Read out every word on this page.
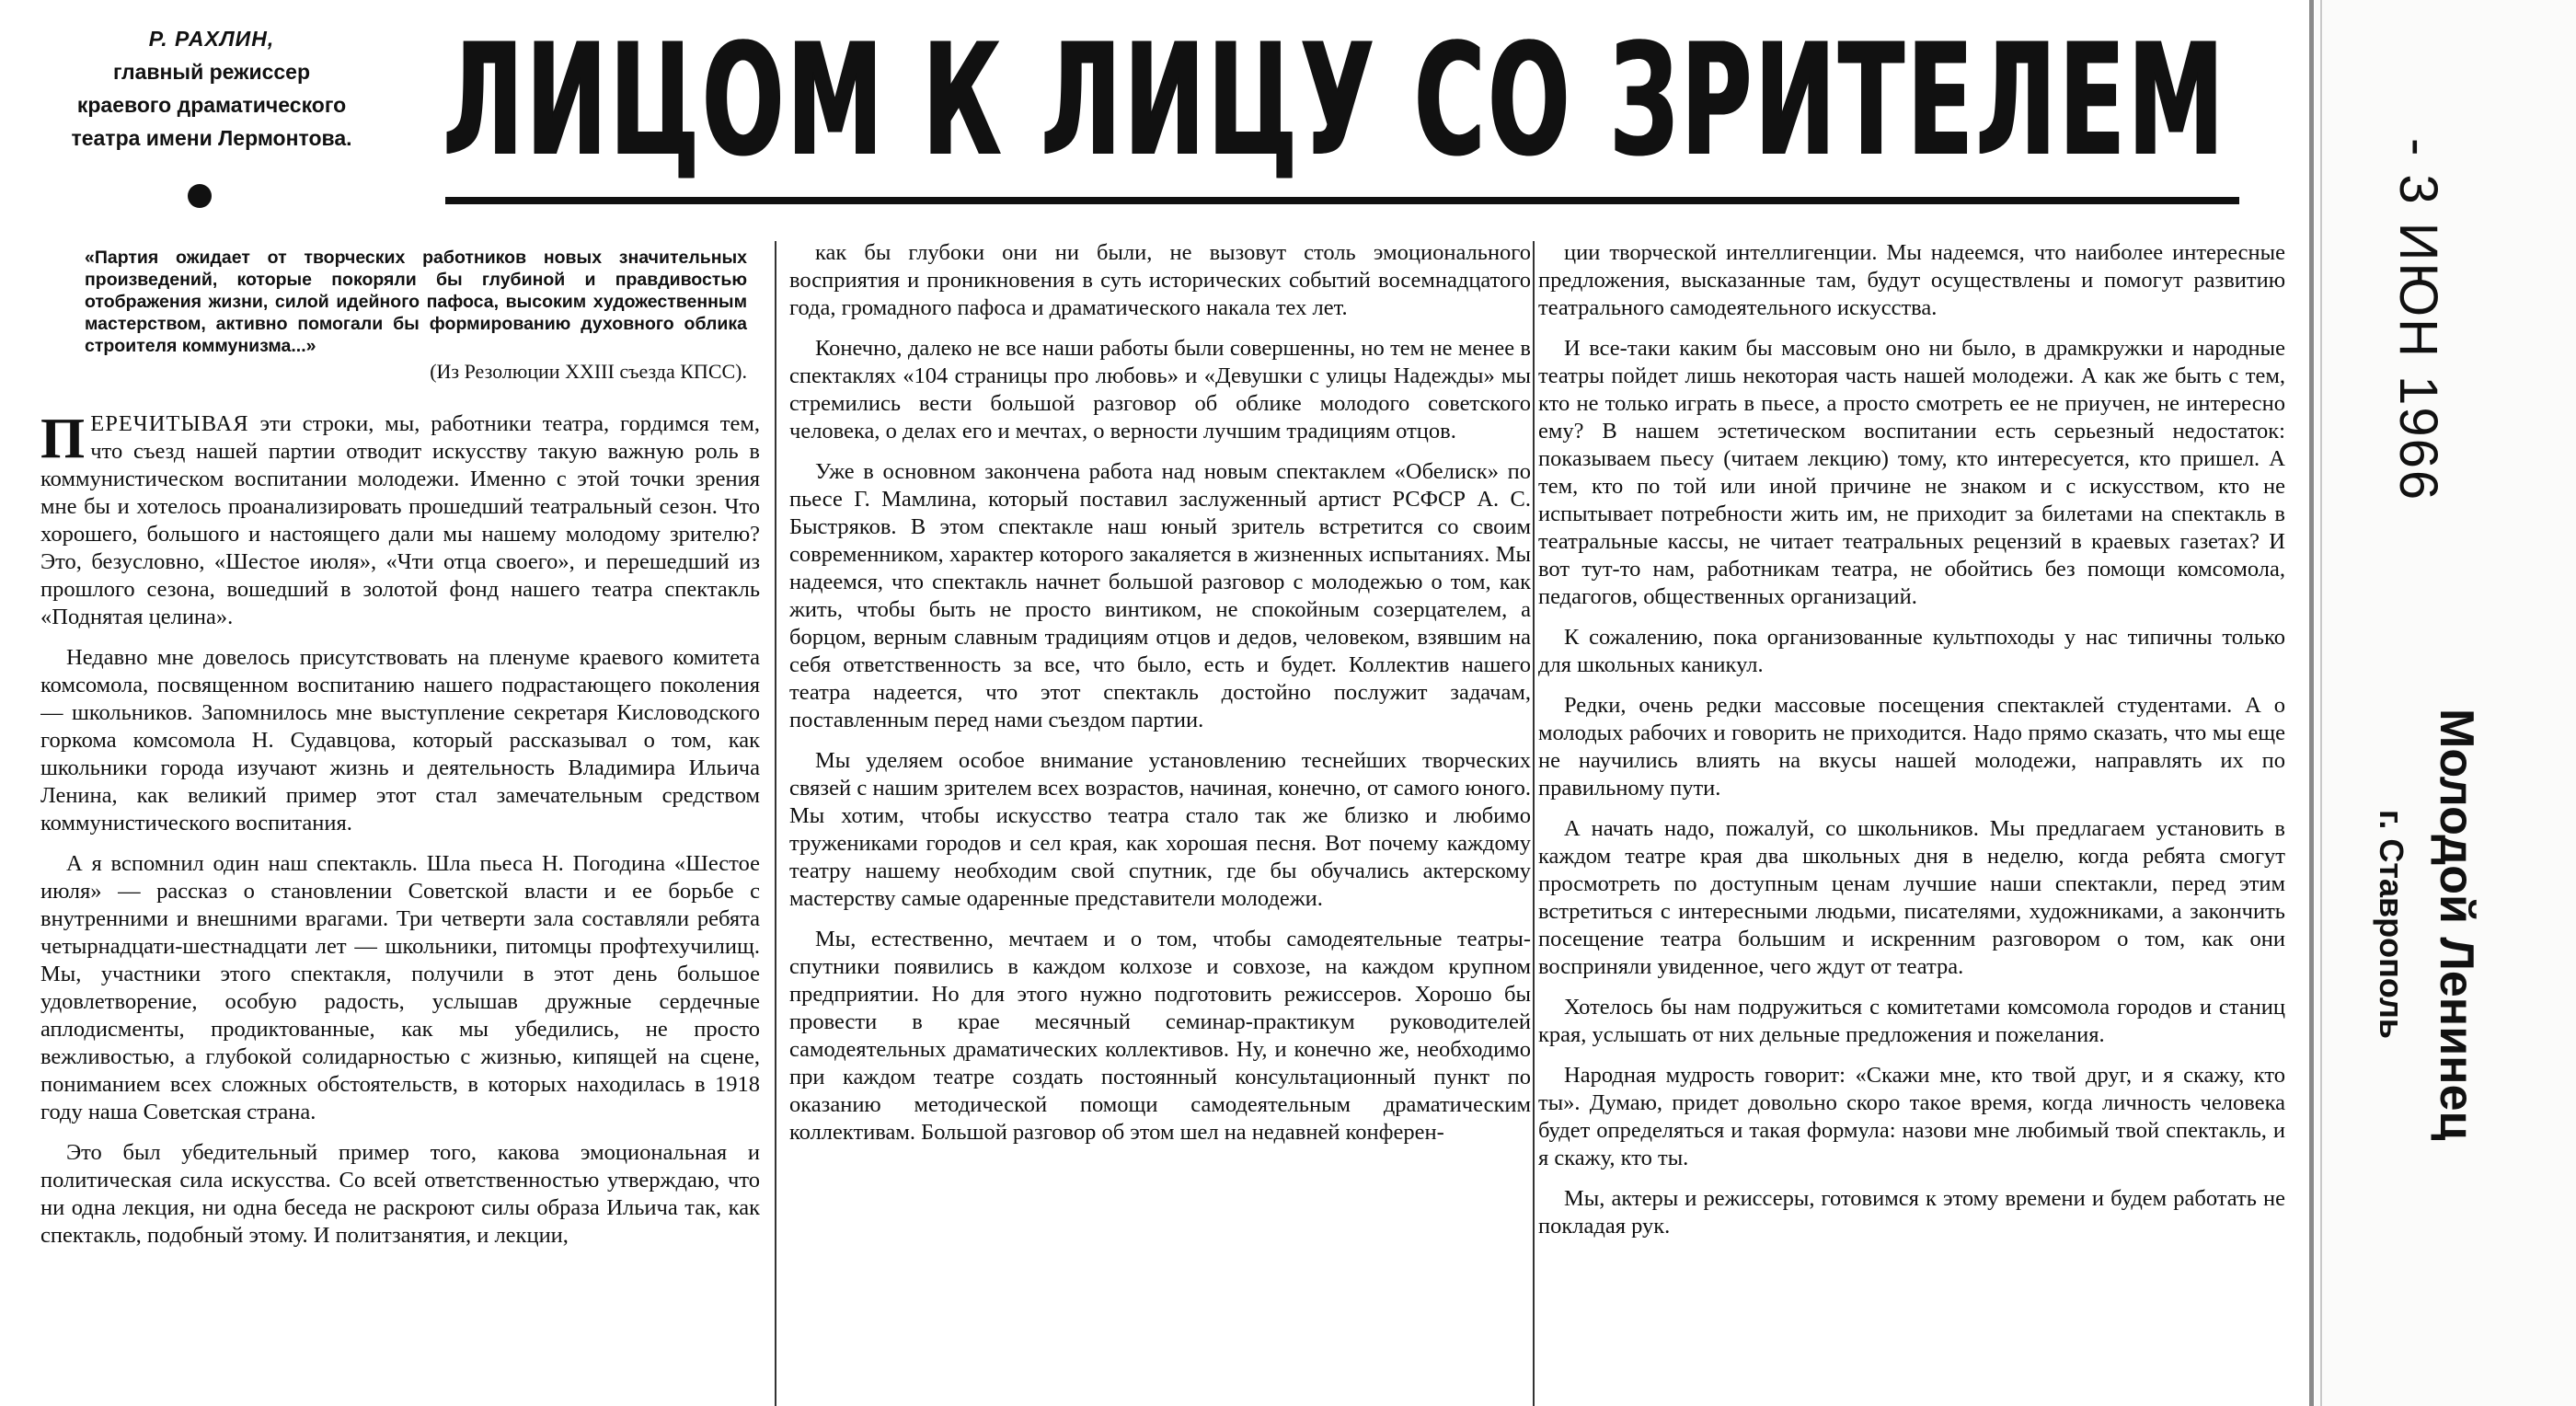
Р. РАХЛИН,
главный режиссер
краевого драматического
театра имени Лермонтова. ЛИЦОМ К ЛИЦУ СО ЗРИТЕЛЕМ
«Партия ожидает от творческих работников новых значительных произведений, которые покоряли бы глубиной и правдивостью отображения жизни, силой идейного пафоса, высоким художественным мастерством, активно помогали бы формированию духовного облика строителя коммунизма...»
(Из Резолюции XXIII съезда КПСС).

ПЕРЕЧИТЫВАЯ эти строки, мы, работники театра, гордимся тем, что съезд нашей партии отводит искусству такую важную роль в коммунистическом воспитании молодежи. Именно с этой точки зрения мне бы и хотелось проанализировать прошедший театральный сезон. Что хорошего, большого и настоящего дали мы нашему молодому зрителю? Это, безусловно, «Шестое июля», «Чти отца своего», и перешедший из прошлого сезона, вошедший в золотой фонд нашего театра спектакль «Поднятая целина».

Недавно мне довелось присутствовать на пленуме краевого комитета комсомола, посвященном воспитанию нашего подрастающего поколения — школьников. Запомнилось мне выступление секретаря Кисловодского горкома комсомола Н. Судавцова, который рассказывал о том, как школьники города изучают жизнь и деятельность Владимира Ильича Ленина, как великий пример этот стал замечательным средством коммунистического воспитания.

А я вспомнил один наш спектакль. Шла пьеса Н. Погодина «Шестое июля» — рассказ о становлении Советской власти и ее борьбе с внутренними и внешними врагами. Три четверти зала составляли ребята четырнадцати-шестнадцати лет — школьники, питомцы профтехучилищ. Мы, участники этого спектакля, получили в этот день большое удовлетворение, особую радость, услышав дружные сердечные аплодисменты, продиктованные, как мы убедились, не просто вежливостью, а глубокой солидарностью с жизнью, кипящей на сцене, пониманием всех сложных обстоятельств, в которых находилась в 1918 году наша Советская страна.

Это был убедительный пример того, какова эмоциональная и политическая сила искусства. Со всей ответственностью утверждаю, что ни одна лекция, ни одна беседа не раскроют силы образа Ильича так, как спектакль, подобный этому. И политзанятия, и лекции,

как бы глубоки они ни были, не вызовут столь эмоционального восприятия и проникновения в суть исторических событий восемнадцатого года, громадного пафоса и драматического накала тех лет.

Конечно, далеко не все наши работы были совершенны, но тем не менее в спектаклях «104 страницы про любовь» и «Девушки с улицы Надежды» мы стремились вести большой разговор об облике молодого советского человека, о делах его и мечтах, о верности лучшим традициям отцов.

Уже в основном закончена работа над новым спектаклем «Обелиск» по пьесе Г. Мамлина, который поставил заслуженный артист РСФСР А. С. Быстряков. В этом спектакле наш юный зритель встретится со своим современником, характер которого закаляется в жизненных испытаниях. Мы надеемся, что спектакль начнет большой разговор с молодежью о том, как жить, чтобы быть не просто винтиком, не спокойным созерцателем, а борцом, верным славным традициям отцов и дедов, человеком, взявшим на себя ответственность за все, что было, есть и будет. Коллектив нашего театра надеется, что этот спектакль достойно послужит задачам, поставленным перед нами съездом партии.

Мы уделяем особое внимание установлению теснейших творческих связей с нашим зрителем всех возрастов, начиная, конечно, от самого юного. Мы хотим, чтобы искусство театра стало так же близко и любимо тружениками городов и сел края, как хорошая песня. Вот почему каждому театру нашему необходим свой спутник, где бы обучались актерскому мастерству самые одаренные представители молодежи.

Мы, естественно, мечтаем и о том, чтобы самодеятельные театры-спутники появились в каждом колхозе и совхозе, на каждом крупном предприятии. Но для этого нужно подготовить режиссеров. Хорошо бы провести в крае месячный семинар-практикум руководителей самодеятельных драматических коллективов. Ну, и конечно же, необходимо при каждом театре создать постоянный консультационный пункт по оказанию методической помощи самодеятельным драматическим коллективам. Большой разговор об этом шел на недавней конферен-

ции творческой интеллигенции. Мы надеемся, что наиболее интересные предложения, высказанные там, будут осуществлены и помогут развитию театрального самодеятельного искусства.

И все-таки каким бы массовым оно ни было, в драмкружки и народные театры пойдет лишь некоторая часть нашей молодежи. А как же быть с тем, кто не только играть в пьесе, а просто смотреть ее не приучен, не интересно ему? В нашем эстетическом воспитании есть серьезный недостаток: показываем пьесу (читаем лекцию) тому, кто интересуется, кто пришел. А тем, кто по той или иной причине не знаком и с искусством, кто не испытывает потребности жить им, не приходит за билетами на спектакль в театральные кассы, не читает театральных рецензий в краевых газетах? И вот тут-то нам, работникам театра, не обойтись без помощи комсомола, педагогов, общественных организаций.

К сожалению, пока организованные культпоходы у нас типичны только для школьных каникул.

Редки, очень редки массовые посещения спектаклей студентами. А о молодых рабочих и говорить не приходится. Надо прямо сказать, что мы еще не научились влиять на вкусы нашей молодежи, направлять их по правильному пути.

А начать надо, пожалуй, со школьников. Мы предлагаем установить в каждом театре края два школьных дня в неделю, когда ребята смогут просмотреть по доступным ценам лучшие наши спектакли, перед этим встретиться с интересными людьми, писателями, художниками, а закончить посещение театра большим и искренним разговором о том, как они восприняли увиденное, чего ждут от театра.

Хотелось бы нам подружиться с комитетами комсомола городов и станиц края, услышать от них дельные предложения и пожелания.

Народная мудрость говорит: «Скажи мне, кто твой друг, и я скажу, кто ты». Думаю, придет довольно скоро такое время, когда личность человека будет определяться и такая формула: назови мне любимый твой спектакль, и я скажу, кто ты.

Мы, актеры и режиссеры, готовимся к этому времени и будем работать не покладая рук.

- 3 ИЮН 1966
Молодой Ленинец
г. Ставрополь
